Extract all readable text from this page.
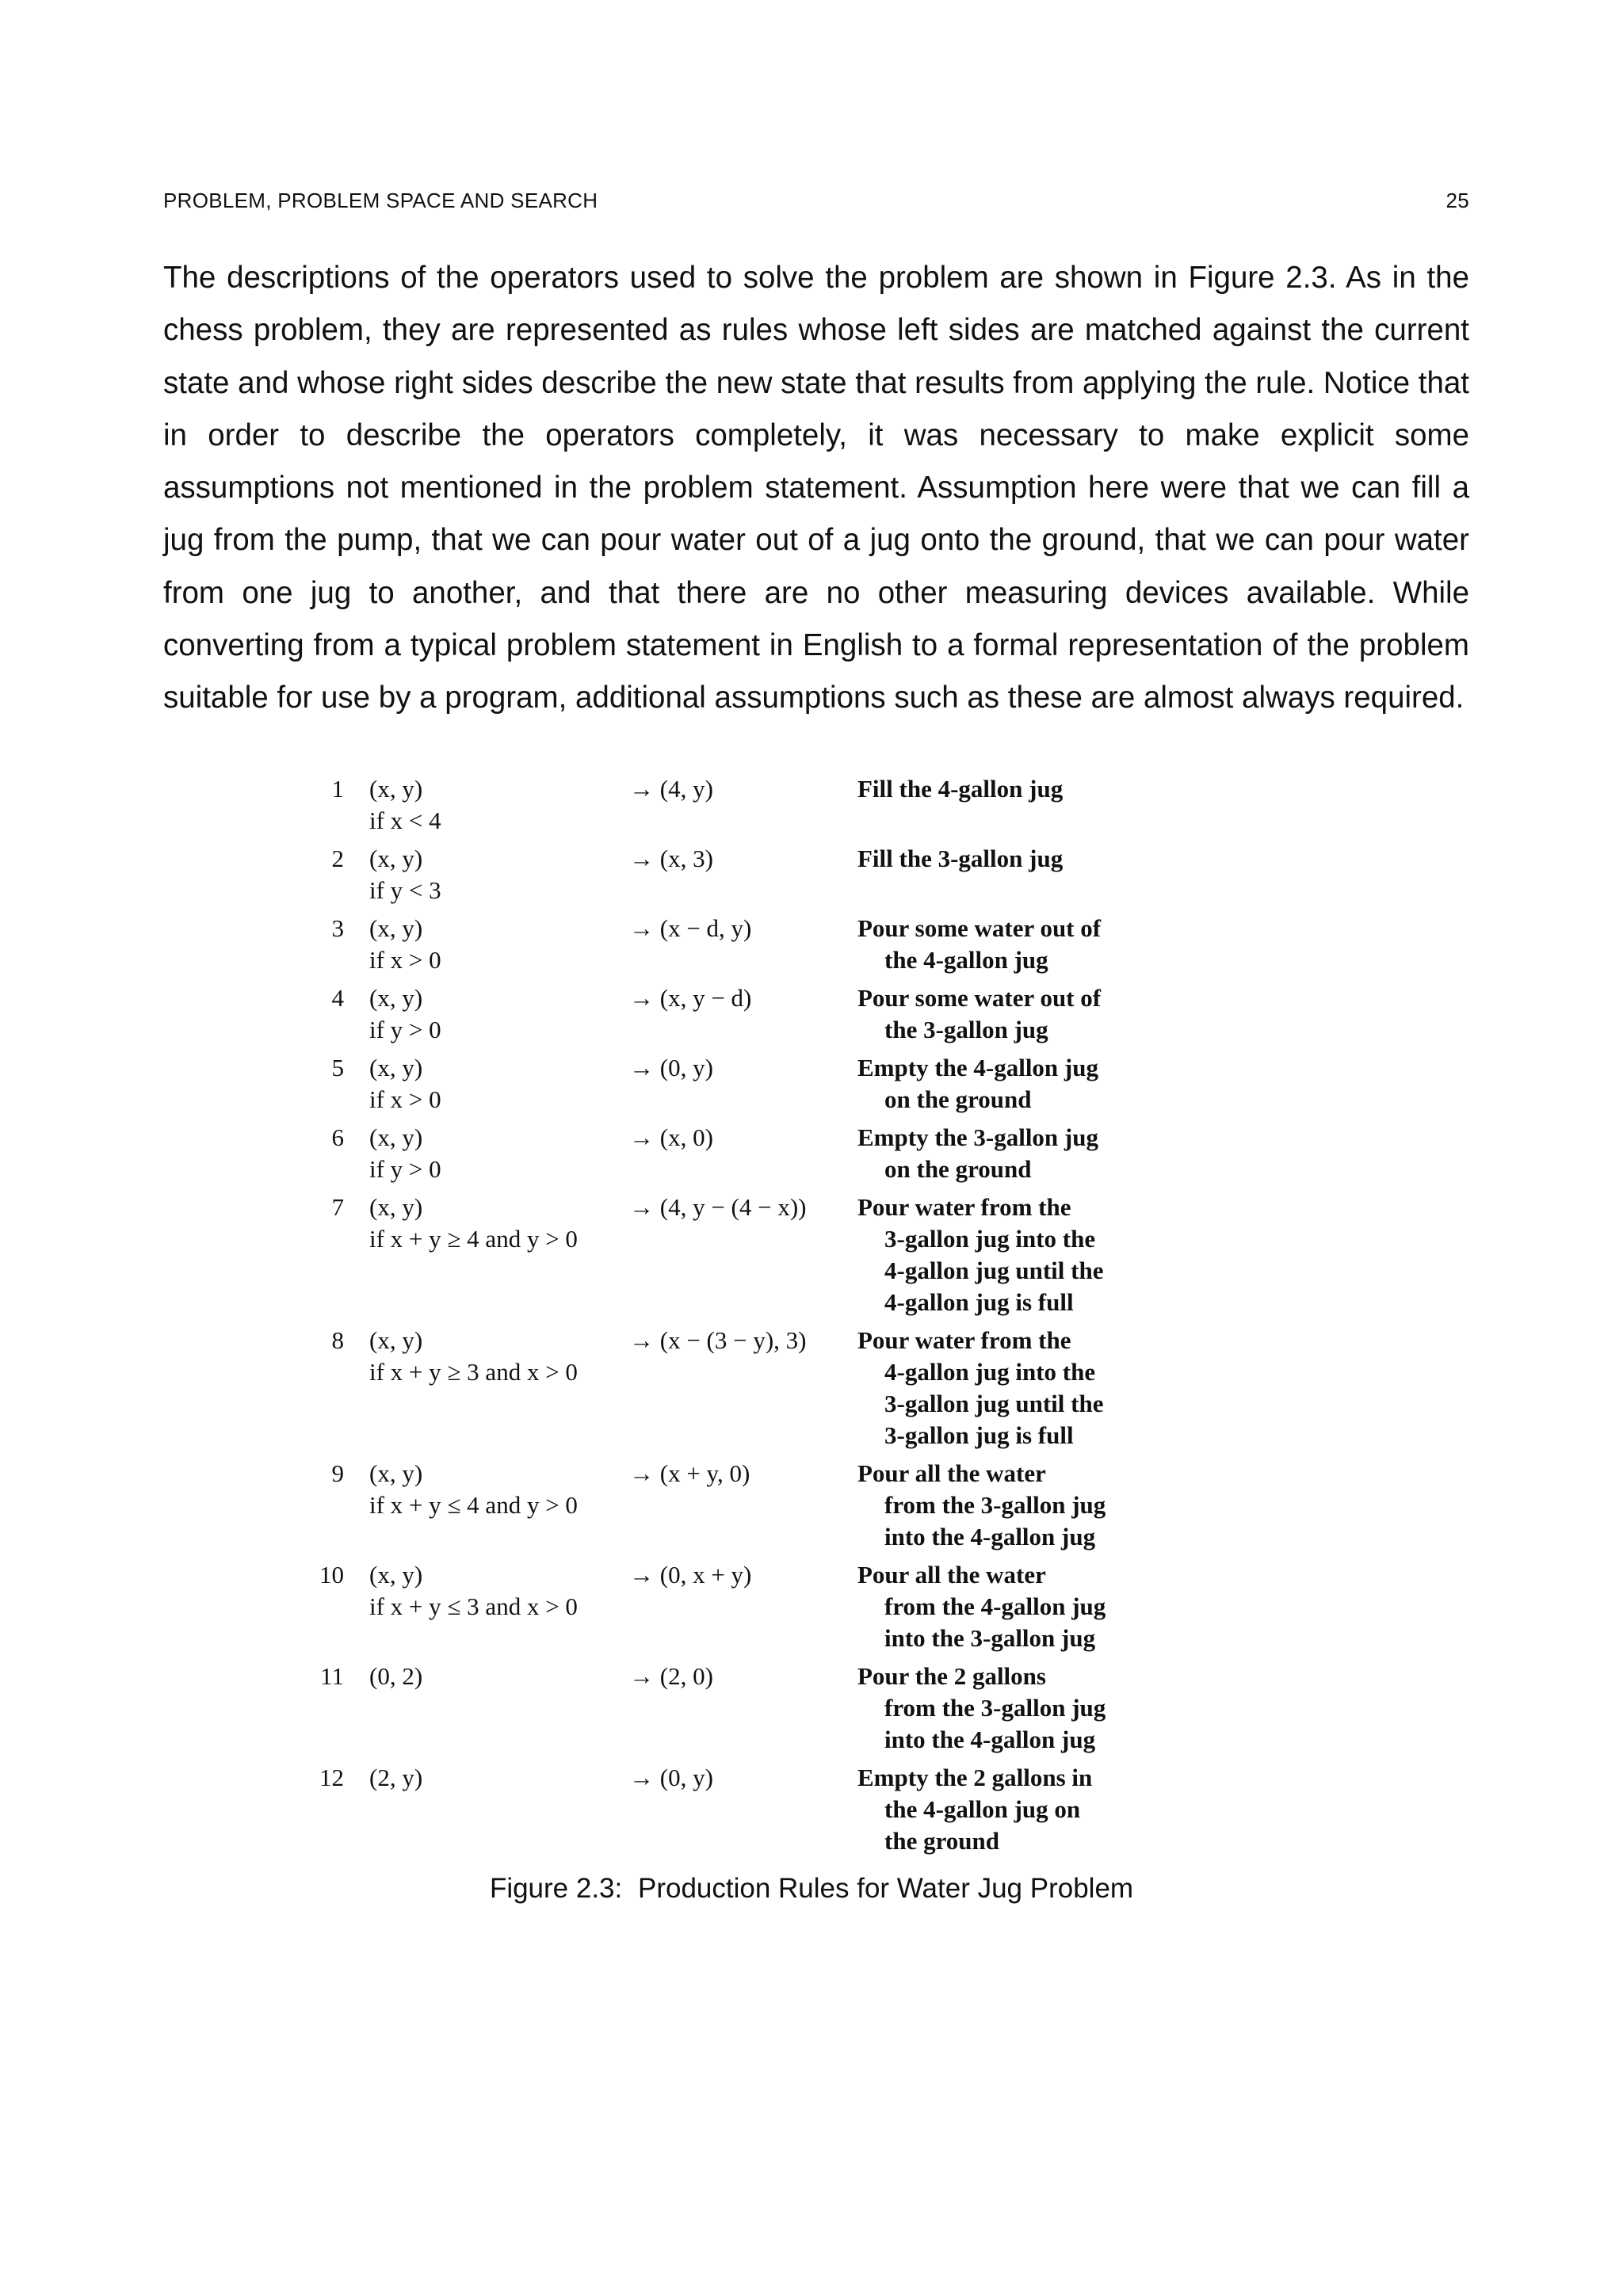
PROBLEM, PROBLEM SPACE AND SEARCH	25

The descriptions of the operators used to solve the problem are shown in Figure 2.3. As in the chess problem, they are represented as rules whose left sides are matched against the current state and whose right sides describe the new state that results from applying the rule. Notice that in order to describe the operators completely, it was necessary to make explicit some assumptions not mentioned in the problem statement. Assumption here were that we can fill a jug from the pump, that we can pour water out of a jug onto the ground, that we can pour water from one jug to another, and that there are no other measuring devices available. While converting from a typical problem statement in English to a formal representation of the problem suitable for use by a program, additional assumptions such as these are almost always required.

1 (x, y)
if x < 4
→ (4, y)	Fill the 4-gallon jug
2 (x, y)
if y < 3
→ (x, 3)	Fill the 3-gallon jug
3 (x, y)
if x > 0
→ (x − d, y)	Pour some water out of
the 4-gallon jug
4 (x, y)
if y > 0
→ (x, y − d)	Pour some water out of
the 3-gallon jug
5 (x, y)
if x > 0
→ (0, y)	Empty the 4-gallon jug
on the ground
6 (x, y)
if y > 0
→ (x, 0)	Empty the 3-gallon jug
on the ground
7 (x, y)
if x + y ≥ 4 and y > 0
→ (4, y − (4 − x)) Pour water from the
3-gallon jug into the
4-gallon jug until the
4-gallon jug is full
8 (x, y)
if x + y ≥ 3 and x > 0
→ (x − (3 − y), 3) Pour water from the
4-gallon jug into the
3-gallon jug until the
3-gallon jug is full
9 (x, y)
if x + y ≤ 4 and y > 0
→ (x + y, 0)	Pour all the water
from the 3-gallon jug
into the 4-gallon jug
10 (x, y)
if x + y ≤ 3 and x > 0
→ (0, x + y)	Pour all the water
from the 4-gallon jug
into the 3-gallon jug
11 (0, 2)	→ (2, 0)	Pour the 2 gallons
from the 3-gallon jug
into the 4-gallon jug
12 (2, y)	→ (0, y)	Empty the 2 gallons in
the 4-gallon jug on
the ground
Figure 2.3: Production Rules for Water Jug Problem
